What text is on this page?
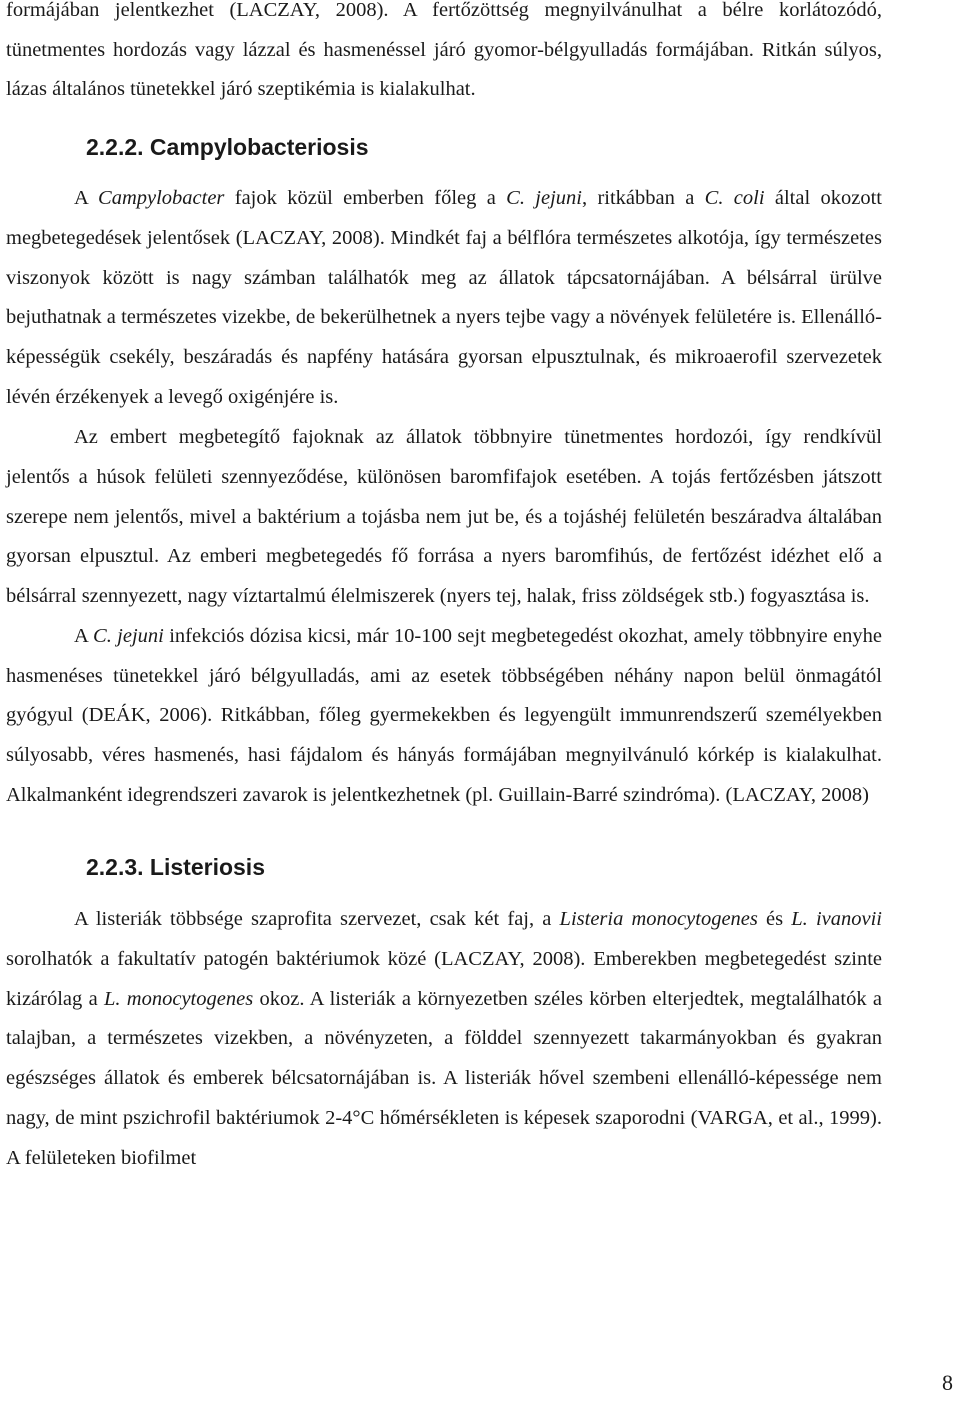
formájában jelentkezhet (LACZAY, 2008). A fertőzöttség megnyilvánulhat a bélre korlátozódó, tünetmentes hordozás vagy lázzal és hasmenéssel járó gyomor-bélgyulladás formájában. Ritkán súlyos, lázas általános tünetekkel járó szeptikémia is kialakulhat.

2.2.2. Campylobacteriosis

A Campylobacter fajok közül emberben főleg a C. jejuni, ritkábban a C. coli által okozott megbetegedések jelentősek (LACZAY, 2008). Mindkét faj a bélflóra természetes alkotója, így természetes viszonyok között is nagy számban találhatók meg az állatok tápcsatornájában. A bélsárral ürülve bejuthatnak a természetes vizekbe, de bekerülhetnek a nyers tejbe vagy a növények felületére is. Ellenálló-képességük csekély, beszáradás és napfény hatására gyorsan elpusztulnak, és mikroaerofil szervezetek lévén érzékenyek a levegő oxigénjére is.

Az embert megbetegítő fajoknak az állatok többnyire tünetmentes hordozói, így rendkívül jelentős a húsok felületi szennyeződése, különösen baromfifajok esetében. A tojás fertőzésben játszott szerepe nem jelentős, mivel a baktérium a tojásba nem jut be, és a tojáshéj felületén beszáradva általában gyorsan elpusztul. Az emberi megbetegedés fő forrása a nyers baromfihús, de fertőzést idézhet elő a bélsárral szennyezett, nagy víztartalmú élelmiszerek (nyers tej, halak, friss zöldségek stb.) fogyasztása is.

A C. jejuni infekciós dózisa kicsi, már 10-100 sejt megbetegedést okozhat, amely többnyire enyhe hasmenéses tünetekkel járó bélgyulladás, ami az esetek többségében néhány napon belül önmagától gyógyul (DEÁK, 2006). Ritkábban, főleg gyermekekben és legyengült immunrendszerű személyekben súlyosabb, véres hasmenés, hasi fájdalom és hányás formájában megnyilvánuló kórkép is kialakulhat. Alkalmanként idegrendszeri zavarok is jelentkezhetnek (pl. Guillain-Barré szindróma). (LACZAY, 2008)

2.2.3. Listeriosis

A listeriák többsége szaprofita szervezet, csak két faj, a Listeria monocytogenes és L. ivanovii sorolhatók a fakultatív patogén baktériumok közé (LACZAY, 2008). Emberekben megbetegedést szinte kizárólag a L. monocytogenes okoz. A listeriák a környezetben széles körben elterjedtek, megtalálhatók a talajban, a természetes vizekben, a növényzeten, a földdel szennyezett takarmányokban és gyakran egészséges állatok és emberek bélcsatornájában is. A listeriák hővel szembeni ellenálló-képessége nem nagy, de mint pszichrofil baktériumok 2-4°C hőmérsékleten is képesek szaporodni (VARGA, et al., 1999). A felületeken biofilmet

8
